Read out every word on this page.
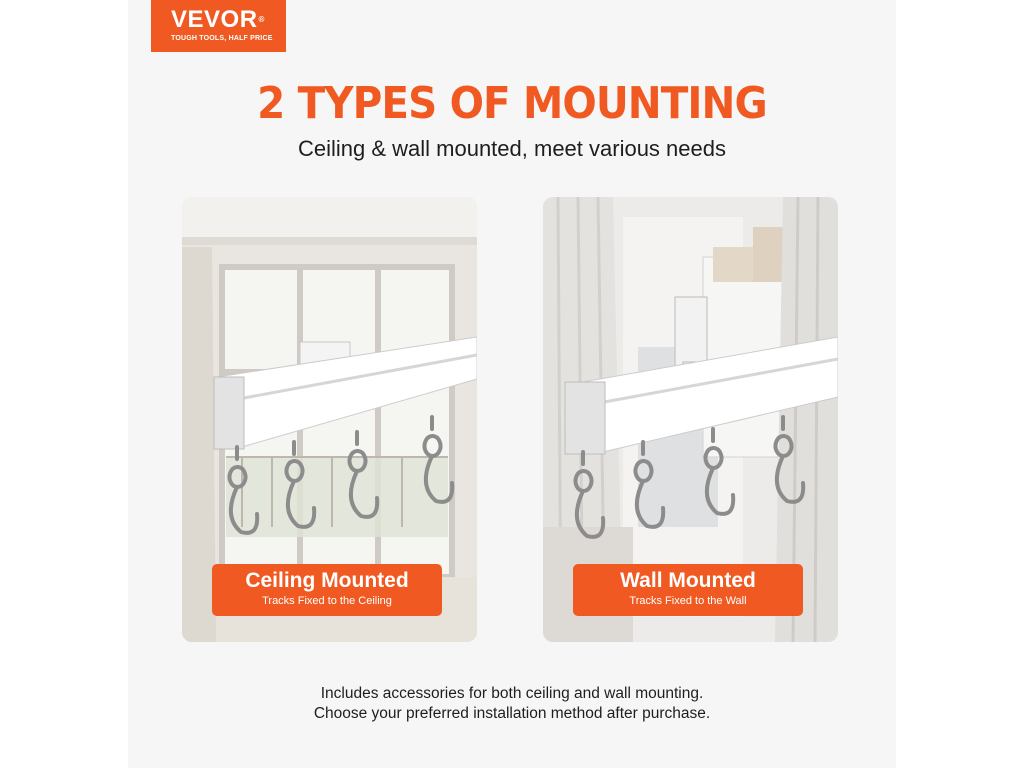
VEVOR®
TOUGH TOOLS, HALF PRICE
2 TYPES OF MOUNTING
Ceiling & wall mounted, meet various needs
Ceiling Mounted
Tracks Fixed to the Ceiling
Wall Mounted
Tracks Fixed to the Wall
Includes accessories for both ceiling and wall mounting.
Choose your preferred installation method after purchase.
